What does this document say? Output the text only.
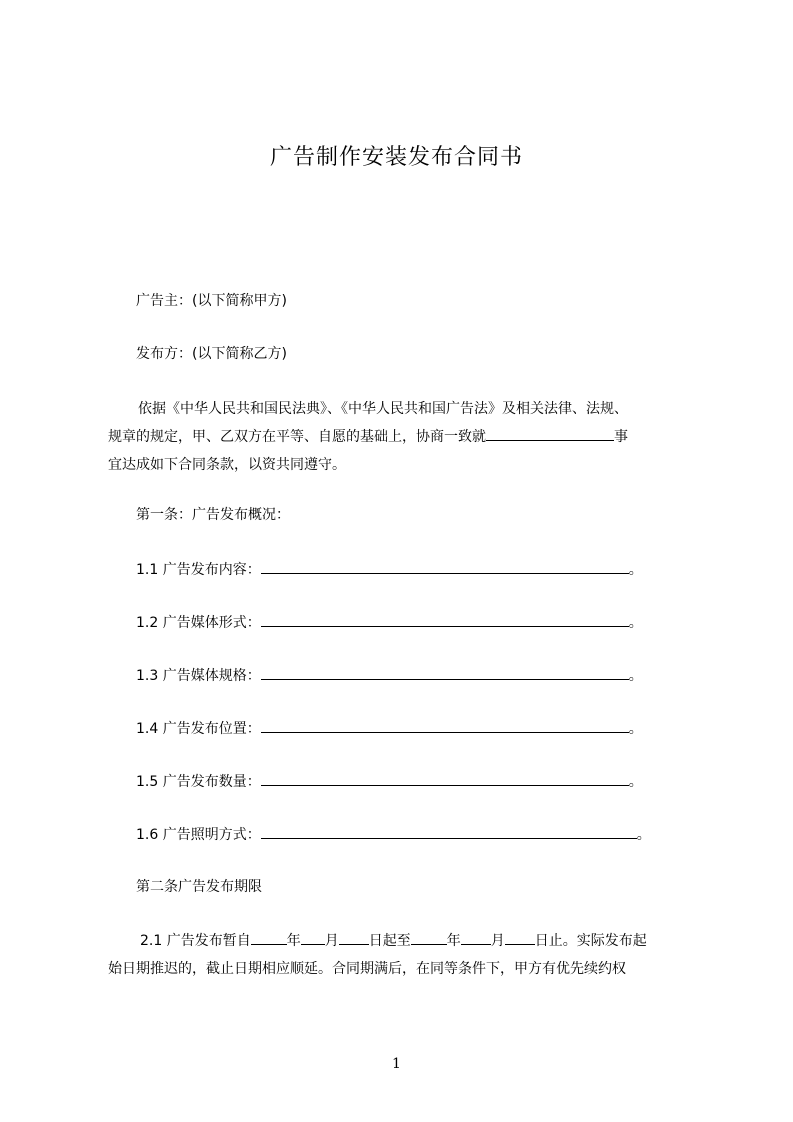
广告制作安装发布合同书
广告主：(以下简称甲方)
发布方：(以下简称乙方)
依据《中华人民共和国民法典》、《中华人民共和国广告法》及相关法律、法规、
规章的规定，甲、乙双方在平等、自愿的基础上，协商一致就	事
宜达成如下合同条款，以资共同遵守。
第一条：广告发布概况：
1.1 广告发布内容：	。
1.2 广告媒体形式：	。
1.3 广告媒体规格：	。
1.4 广告发布位置：	。
1.5 广告发布数量：	。
1.6 广告照明方式：	。
第二条广告发布期限
2.1 广告发布暂自	年 月 日起至	年 月 日止。实际发布起
始日期推迟的，截止日期相应顺延。合同期满后，在同等条件下，甲方有优先续约权
1
